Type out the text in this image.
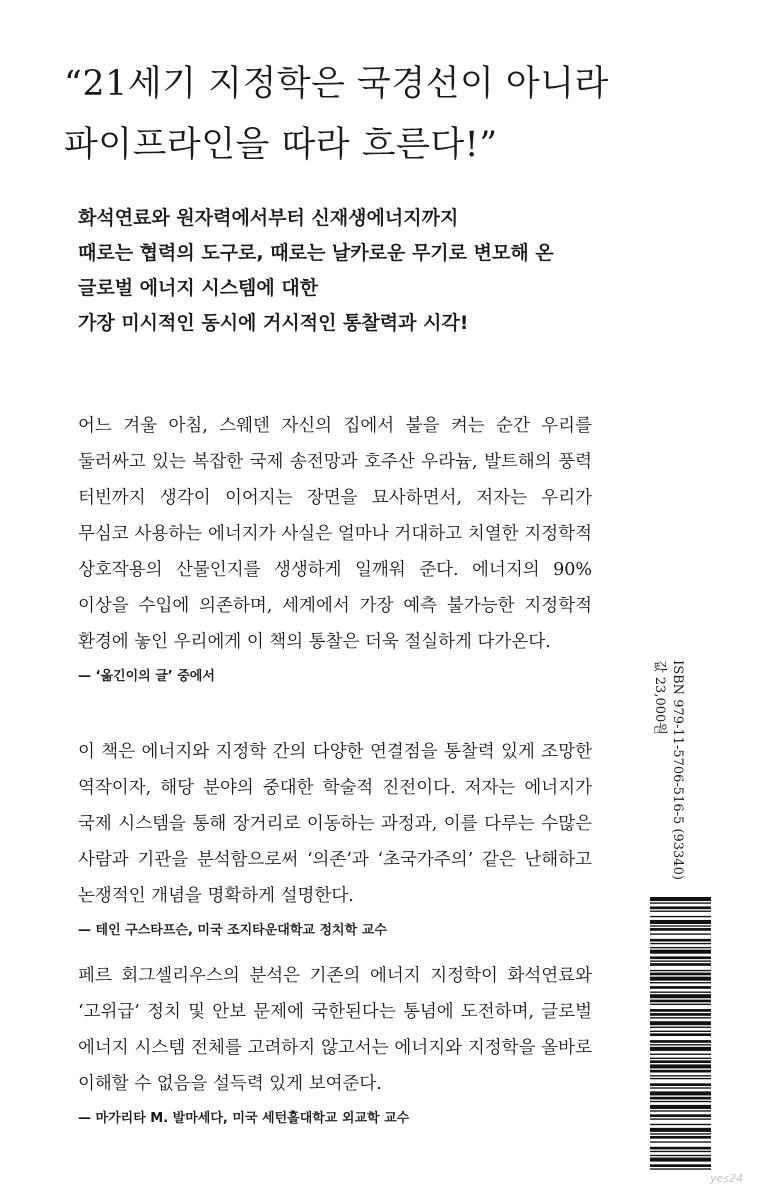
“21세기 지정학은 국경선이 아니라
파이프라인을 따라 흐른다!”
화석연료와 원자력에서부터 신재생에너지까지
때로는 협력의 도구로, 때로는 날카로운 무기로 변모해 온
글로벌 에너지 시스템에 대한
가장 미시적인 동시에 거시적인 통찰력과 시각!

어느 겨울 아침, 스웨덴 자신의 집에서 불을 켜는 순간 우리를 둘러싸고 있는 복잡한 국제 송전망과 호주산 우라늄, 발트해의 풍력 터빈까지 생각이 이어지는 장면을 묘사하면서, 저자는 우리가 무심코 사용하는 에너지가 사실은 얼마나 거대하고 치열한 지정학적 상호작용의 산물인지를 생생하게 일깨워 준다. 에너지의 90% 이상을 수입에 의존하며, 세계에서 가장 예측 불가능한 지정학적 환경에 놓인 우리에게 이 책의 통찰은 더욱 절실하게 다가온다.

— ‘옮긴이의 글’ 중에서

이 책은 에너지와 지정학 간의 다양한 연결점을 통찰력 있게 조망한 역작이자, 해당 분야의 중대한 학술적 진전이다. 저자는 에너지가 국제 시스템을 통해 장거리로 이동하는 과정과, 이를 다루는 수많은 사람과 기관을 분석함으로써 ‘의존’과 ‘초국가주의’ 같은 난해하고 논쟁적인 개념을 명확하게 설명한다.

— 테인 구스타프슨, 미국 조지타운대학교 정치학 교수

페르 회그셀리우스의 분석은 기존의 에너지 지정학이 화석연료와 ‘고위급’ 정치 및 안보 문제에 국한된다는 통념에 도전하며, 글로벌 에너지 시스템 전체를 고려하지 않고서는 에너지와 지정학을 올바로 이해할 수 없음을 설득력 있게 보여준다.

— 마가리타 M. 발마세다, 미국 세턴홀대학교 외교학 교수
ISBN 979-11-5706-516-5 (93340)
값 23,000원
yes24
